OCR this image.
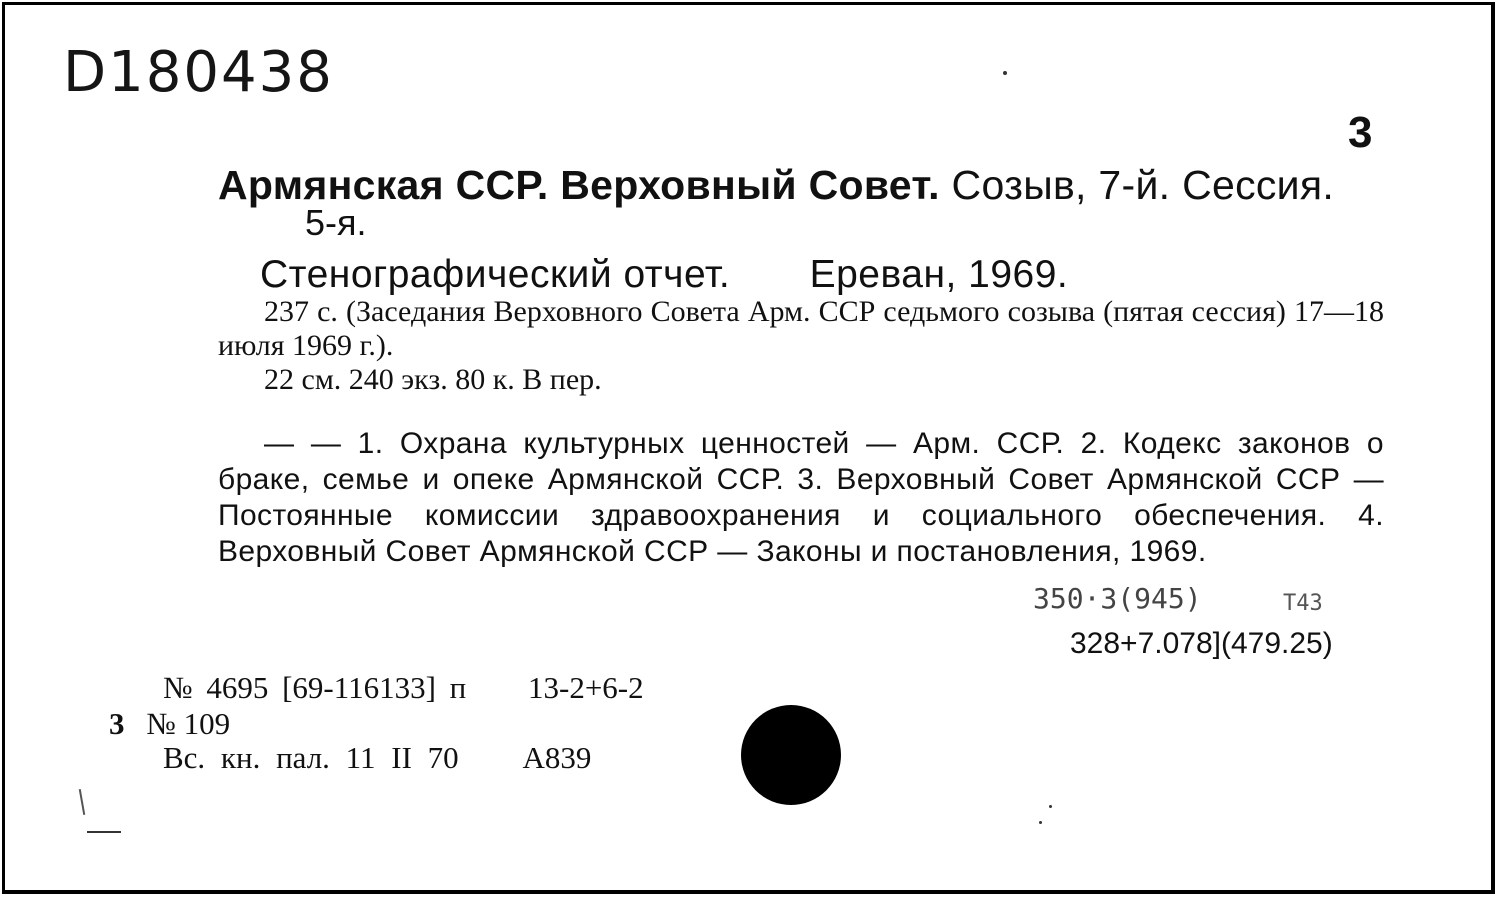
D180438
3
Армянская ССР. Верховный Совет. Созыв, 7-й. Сессия.
5-я.
Стенографический отчет. Ереван, 1969.

237 с. (Заседания Верховного Совета Арм. ССР седьмого созыва (пятая сессия) 17—18 июля 1969 г.).

22 см. 240 экз. 80 к. В пер.

— — 1. Охрана культурных ценностей — Арм. ССР. 2. Кодекс законов о браке, семье и опеке Армянской ССР. 3. Верховный Совет Армянской ССР — Постоянные комиссии здравоохранения и социального обеспечения. 4. Верховный Совет Армянской ССР — Законы и постановления, 1969.
350·3(945)	T43
328+7.078](479.25)
№ 4695 [69-116133] п 13-2+6-2
3 № 109
Вс. кн. пал. 11 II 70 А839
